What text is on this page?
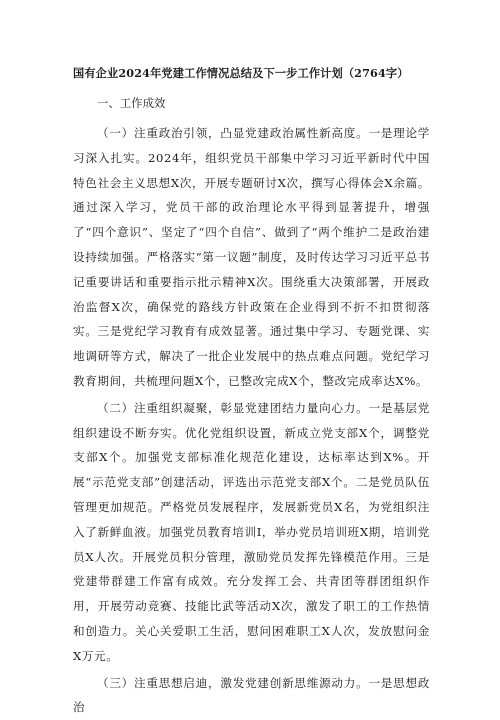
国有企业2024年党建工作情况总结及下一步工作计划（2764字）
一、工作成效

（一）注重政治引领，凸显党建政治属性新高度。一是理论学习深入扎实。2024年，组织党员干部集中学习习近平新时代中国特色社会主义思想X次，开展专题研讨X次，撰写心得体会X余篇。通过深入学习，党员干部的政治理论水平得到显著提升，增强了“四个意识”、坚定了“四个自信”、做到了“两个维护二是政治建设持续加强。严格落实“第一议题”制度，及时传达学习习近平总书记重要讲话和重要指示批示精神X次。围绕重大决策部署，开展政治监督X次，确保党的路线方针政策在企业得到不折不扣贯彻落实。三是党纪学习教育有成效显著。通过集中学习、专题党课、实地调研等方式，解决了一批企业发展中的热点难点问题。党纪学习教育期间，共梳理问题X个，已整改完成X个，整改完成率达X%。

（二）注重组织凝聚，彰显党建团结力量向心力。一是基层党组织建设不断夯实。优化党组织设置，新成立党支部X个，调整党支部X个。加强党支部标准化规范化建设，达标率达到X%。开展“示范党支部”创建活动，评选出示范党支部X个。二是党员队伍管理更加规范。严格党员发展程序，发展新党员X名，为党组织注入了新鲜血液。加强党员教育培训I，举办党员培训班X期，培训党员X人次。开展党员积分管理，激励党员发挥先锋模范作用。三是党建带群建工作富有成效。充分发挥工会、共青团等群团组织作用，开展劳动竞赛、技能比武等活动X次，激发了职工的工作热情和创造力。关心关爱职工生活，慰问困难职工X人次，发放慰问金X万元。

（三）注重思想启迪，激发党建创新思维源动力。一是思想政治
